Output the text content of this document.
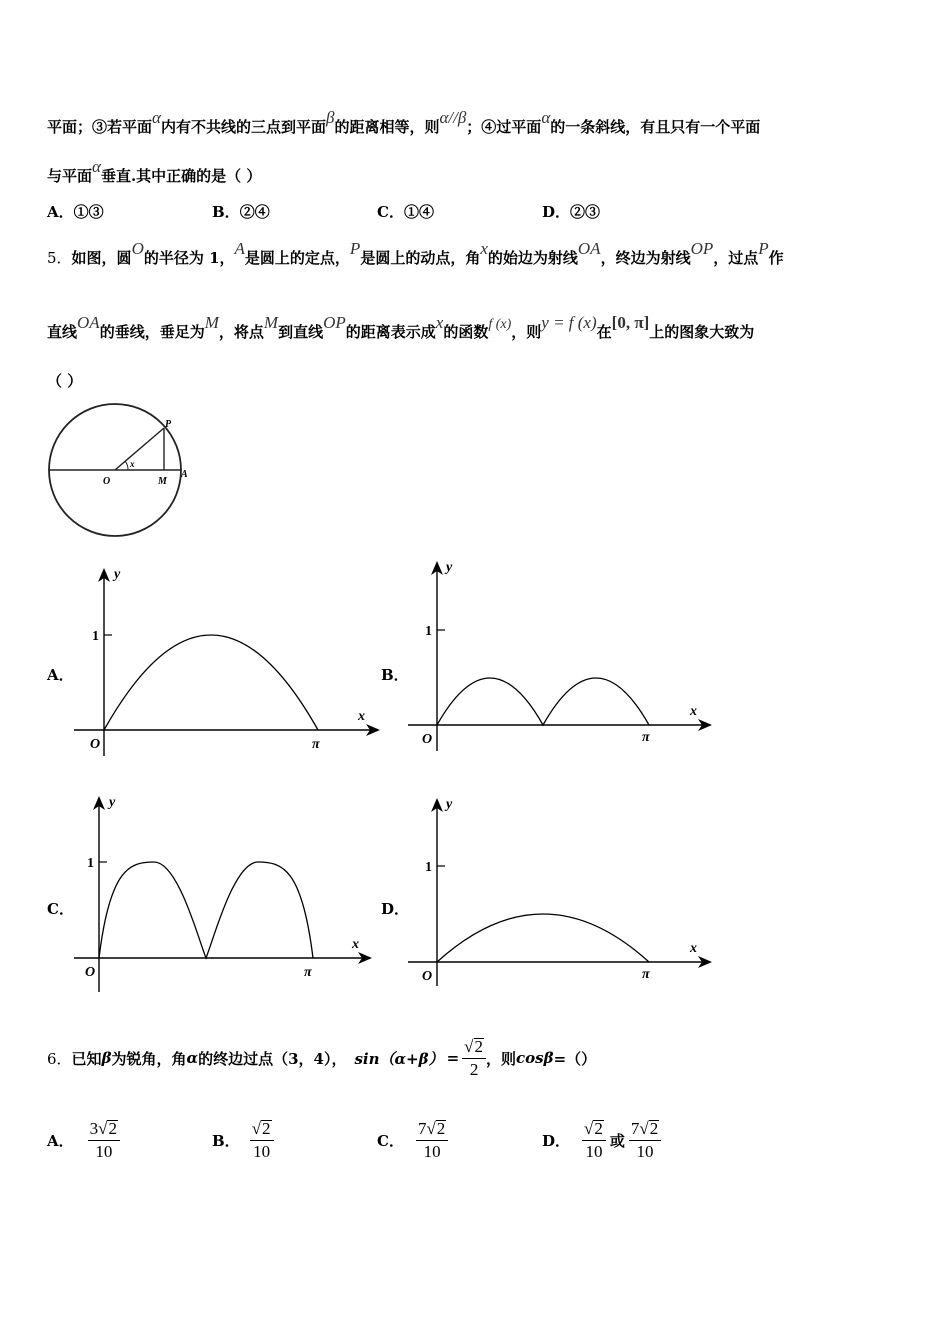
平面；③若平面α内有不共线的三点到平面β的距离相等，则α//β；④过平面α的一条斜线，有且只有一个平面
与平面α垂直.其中正确的是（ ）
A．①③	B．②④	C．①④	D．②③
5．如图，圆O的半径为 1，A是圆上的定点，P是圆上的动点，角x的始边为射线OA，终边为射线OP，过点P作
直线OA的垂线，垂足为M，将点M到直线OP的距离表示成x的函数f (x)，则y = f (x)在[0, π]上的图象大致为
（ ）
P
x
O	M
A
A．
y
x
1
O	π
B．
y
x
1
O	π
C．
y
x
1
O	π
D．
y
x
1
O	π
6． 已知 β 为锐角，角 α 的终边过点（3，4）， $\sin(\alpha+\beta) = \frac{√2}{2}$ ，则 cosβ =（）
A． $\frac{3√2}{10}$	B． $\frac{√2}{10}$	C． $\frac{7√2}{10}$	D． $\frac{√2}{10}$ 或 $\frac{7√2}{10}$
